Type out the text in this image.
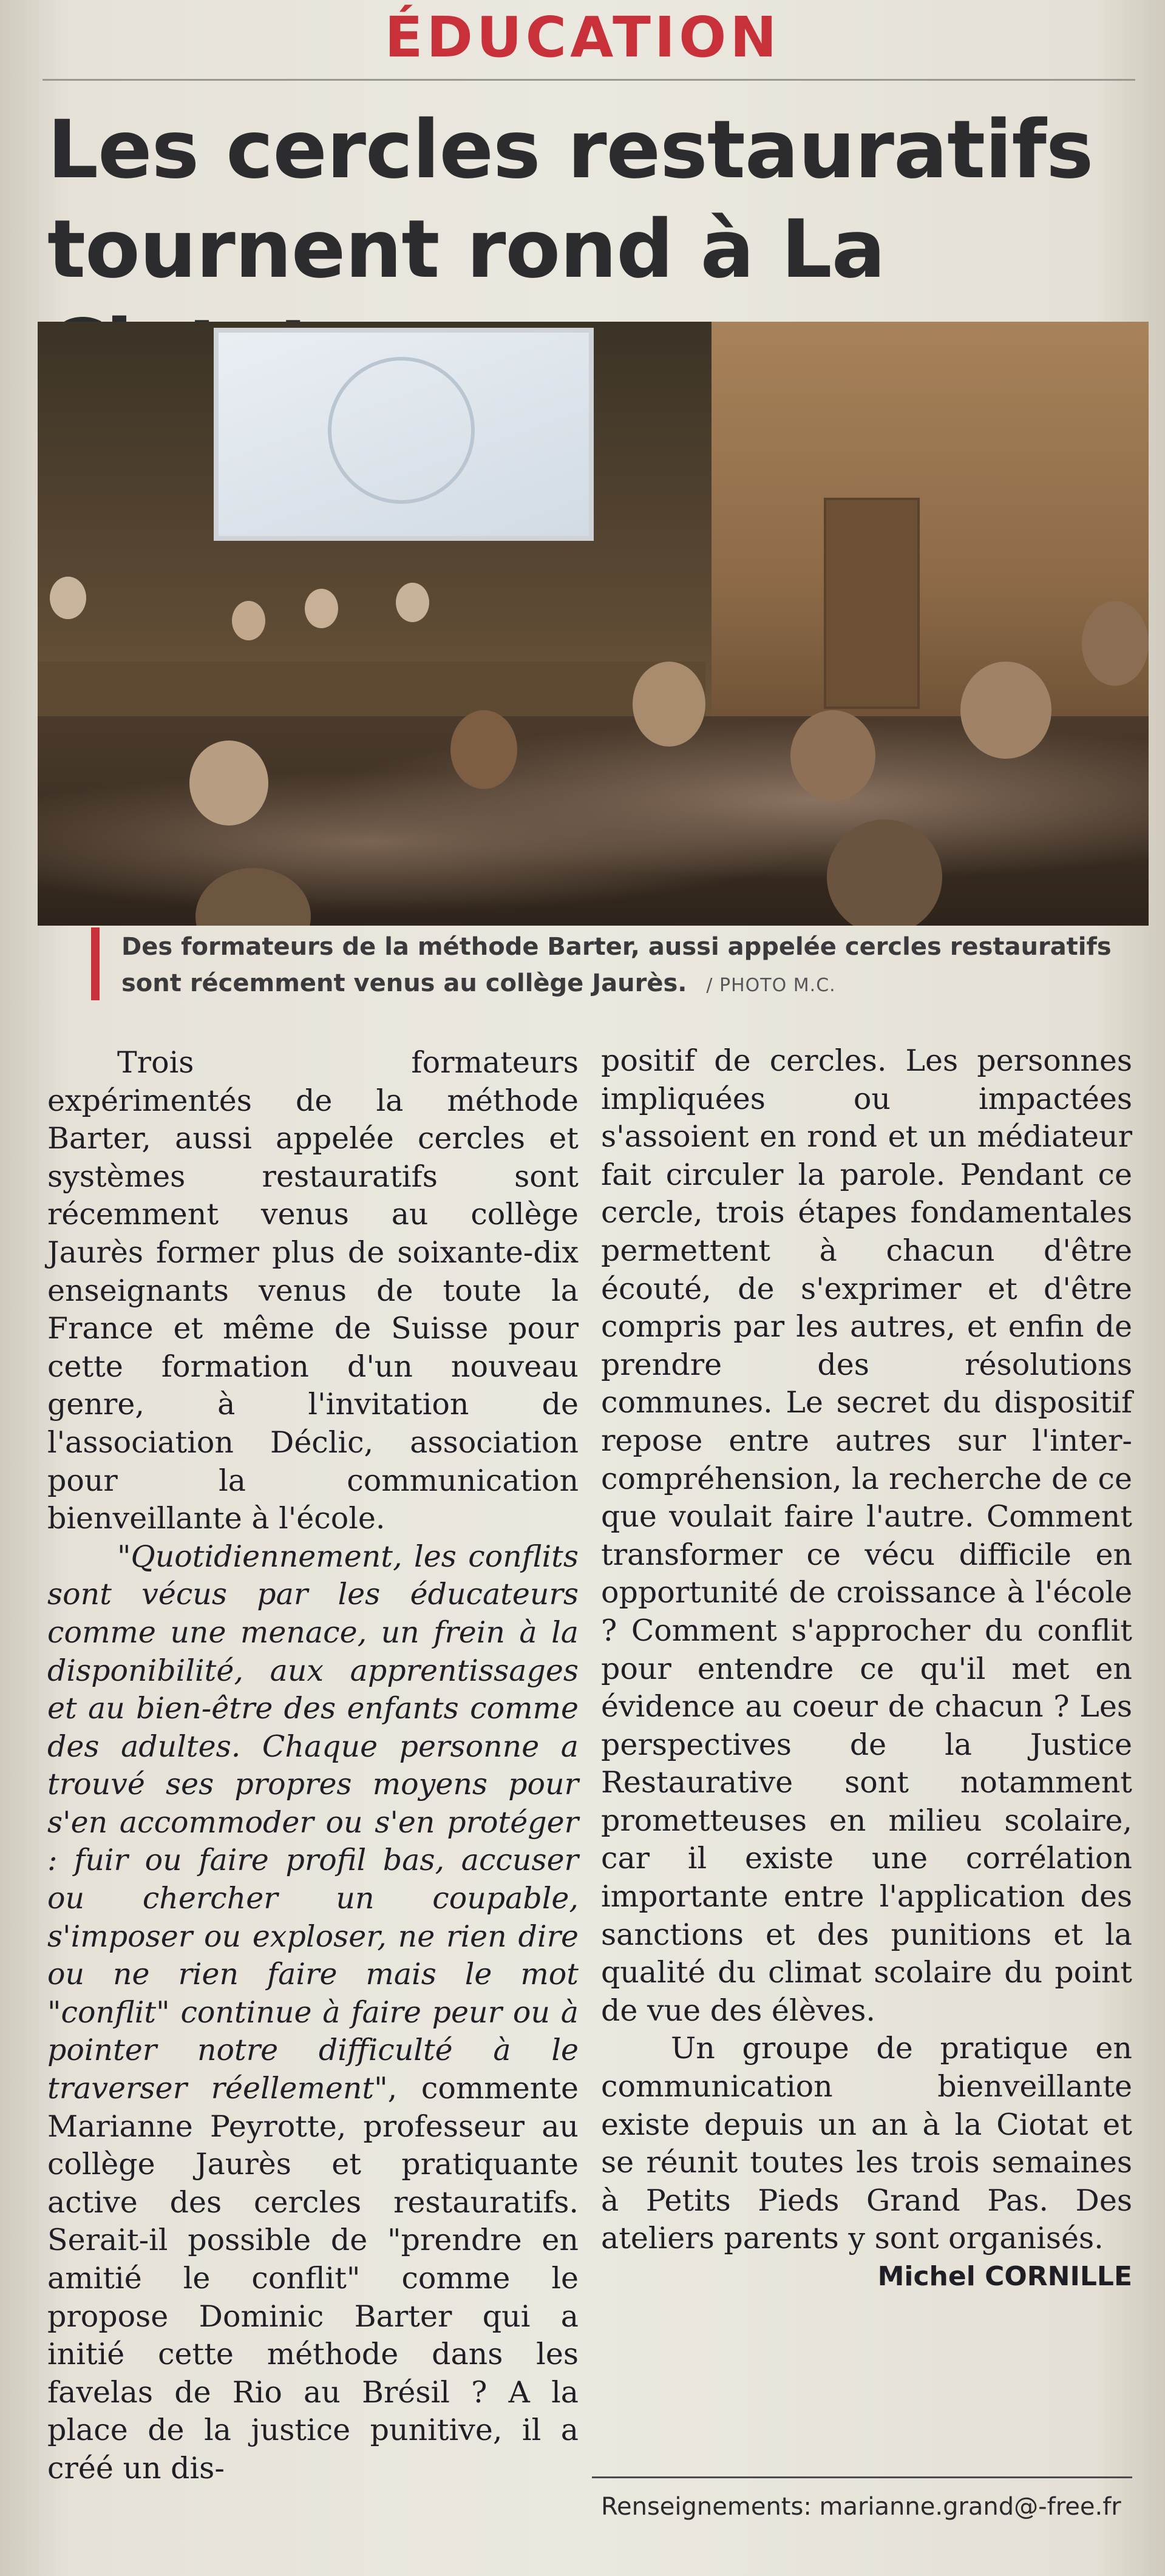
ÉDUCATION
Les cercles restauratifs
tournent rond à La
Des formateurs de la méthode Barter, aussi appelée cercles restauratifs sont récemment venus au collège Jaurès. / PHOTO M.C.

Trois formateurs expérimentés de la méthode Barter, aussi appelée cercles et systèmes restauratifs sont récemment venus au collège Jaurès former plus de soixante-dix enseignants venus de toute la France et même de Suisse pour cette formation d'un nouveau genre, à l'invitation de l'association Déclic, association pour la communication bienveillante à l'école.

"Quotidiennement, les conflits sont vécus par les éducateurs comme une menace, un frein à la disponibilité, aux apprentissages et au bien-être des enfants comme des adultes. Chaque personne a trouvé ses propres moyens pour s'en accommoder ou s'en protéger : fuir ou faire profil bas, accuser ou chercher un coupable, s'imposer ou exploser, ne rien dire ou ne rien faire mais le mot "conflit" continue à faire peur ou à pointer notre difficulté à le traverser réellement", commente Marianne Peyrotte, professeur au collège Jaurès et pratiquante active des cercles restauratifs. Serait-il possible de "prendre en amitié le conflit" comme le propose Dominic Barter qui a initié cette méthode dans les favelas de Rio au Brésil ? A la place de la justice punitive, il a créé un dis-

positif de cercles. Les personnes impliquées ou impactées s'assoient en rond et un médiateur fait circuler la parole. Pendant ce cercle, trois étapes fondamentales permettent à chacun d'être écouté, de s'exprimer et d'être compris par les autres, et enfin de prendre des résolutions communes. Le secret du dispositif repose entre autres sur l'inter-compréhension, la recherche de ce que voulait faire l'autre. Comment transformer ce vécu difficile en opportunité de croissance à l'école ? Comment s'approcher du conflit pour entendre ce qu'il met en évidence au coeur de chacun ? Les perspectives de la Justice Restaurative sont notamment prometteuses en milieu scolaire, car il existe une corrélation importante entre l'application des sanctions et des punitions et la qualité du climat scolaire du point de vue des élèves.

Un groupe de pratique en communication bienveillante existe depuis un an à la Ciotat et se réunit toutes les trois semaines à Petits Pieds Grand Pas. Des ateliers parents y sont organisés.
Michel CORNILLE

Renseignements: marianne.grand@-free.fr
